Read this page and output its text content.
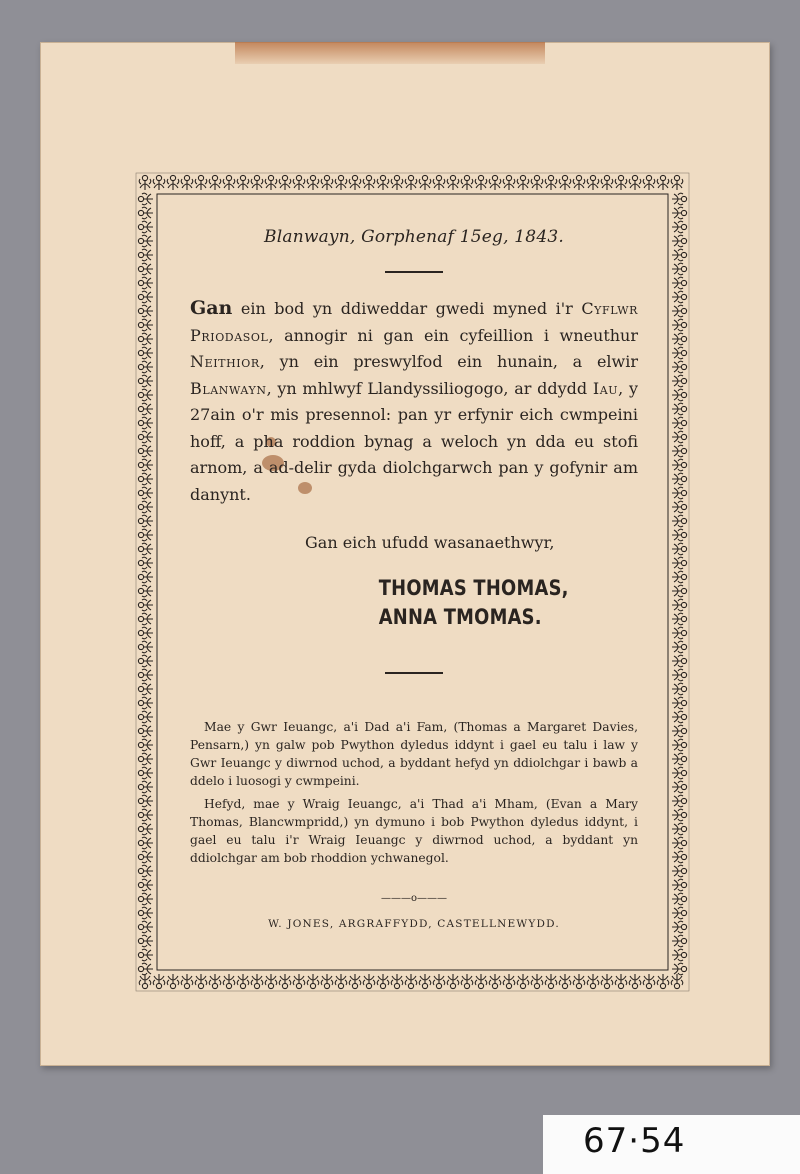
Blanwayn, Gorphenaf 15eg, 1843.

Gan ein bod yn ddiweddar gwedi myned i'r Cyflwr Priodasol, annogir ni gan ein cyfeillion i wneuthur Neithior, yn ein preswylfod ein hunain, a elwir Blanwayn, yn mhlwyf Llandyssiliogogo, ar ddydd Iau, y 27ain o'r mis presennol: pan yr erfynir eich cwmpeini hoff, a pha roddion bynag a weloch yn dda eu stofi arnom, a ad-delir gyda diolchgarwch pan y gofynir am danynt.

Gan eich ufudd wasanaethwyr,
THOMAS THOMAS,
ANNA TMOMAS.

Mae y Gwr Ieuangc, a'i Dad a'i Fam, (Thomas a Margaret Davies, Pensarn,) yn galw pob Pwython dyledus iddynt i gael eu talu i law y Gwr Ieuangc y diwrnod uchod, a byddant hefyd yn ddiolchgar i bawb a ddelo i luosogi y cwmpeini.

Hefyd, mae y Wraig Ieuangc, a'i Thad a'i Mham, (Evan a Mary Thomas, Blancwmpridd,) yn dymuno i bob Pwython dyledus iddynt, i gael eu talu i'r Wraig Ieuangc y diwrnod uchod, a byddant yn ddiolchgar am bob rhoddion ychwanegol.

———o———
W. JONES, ARGRAFFYDD, CASTELLNEWYDD.
67·54
